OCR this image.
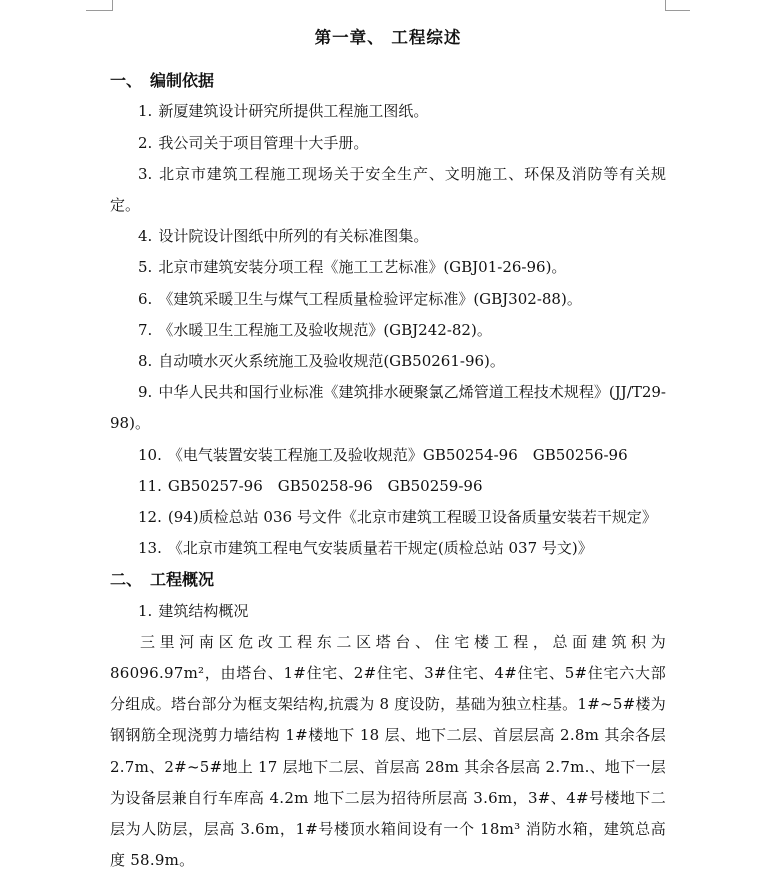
第一章、 工程综述
一、 编制依据
1. 新厦建筑设计研究所提供工程施工图纸。
2. 我公司关于项目管理十大手册。
3. 北京市建筑工程施工现场关于安全生产、文明施工、环保及消防等有关规定。
4. 设计院设计图纸中所列的有关标准图集。
5. 北京市建筑安装分项工程《施工工艺标准》(GBJ01-26-96)。
6. 《建筑采暖卫生与煤气工程质量检验评定标准》(GBJ302-88)。
7. 《水暖卫生工程施工及验收规范》(GBJ242-82)。
8. 自动喷水灭火系统施工及验收规范(GB50261-96)。
9. 中华人民共和国行业标准《建筑排水硬聚氯乙烯管道工程技术规程》(JJ/T29-98)。
10. 《电气装置安装工程施工及验收规范》GB50254-96　GB50256-96
11. GB50257-96　GB50258-96　GB50259-96
12. (94)质检总站 036 号文件《北京市建筑工程暖卫设备质量安装若干规定》
13. 《北京市建筑工程电气安装质量若干规定(质检总站 037 号文)》
二、 工程概况
1. 建筑结构概况
三里河南区危改工程东二区塔台、住宅楼工程，总面建筑积为 86096.97m²，由塔台、1#住宅、2#住宅、3#住宅、4#住宅、5#住宅六大部分组成。塔台部分为框支架结构,抗震为 8 度设防，基础为独立柱基。1#~5#楼为钢钢筋全现浇剪力墙结构 1#楼地下 18 层、地下二层、首层层高 2.8m 其余各层 2.7m、2#~5#地上 17 层地下二层、首层高 28m 其余各层高 2.7m.、地下一层为设备层兼自行车库高 4.2m 地下二层为招待所层高 3.6m，3#、4#号楼地下二层为人防层，层高 3.6m，1#号楼顶水箱间设有一个 18m³ 消防水箱，建筑总高度 58.9m。
